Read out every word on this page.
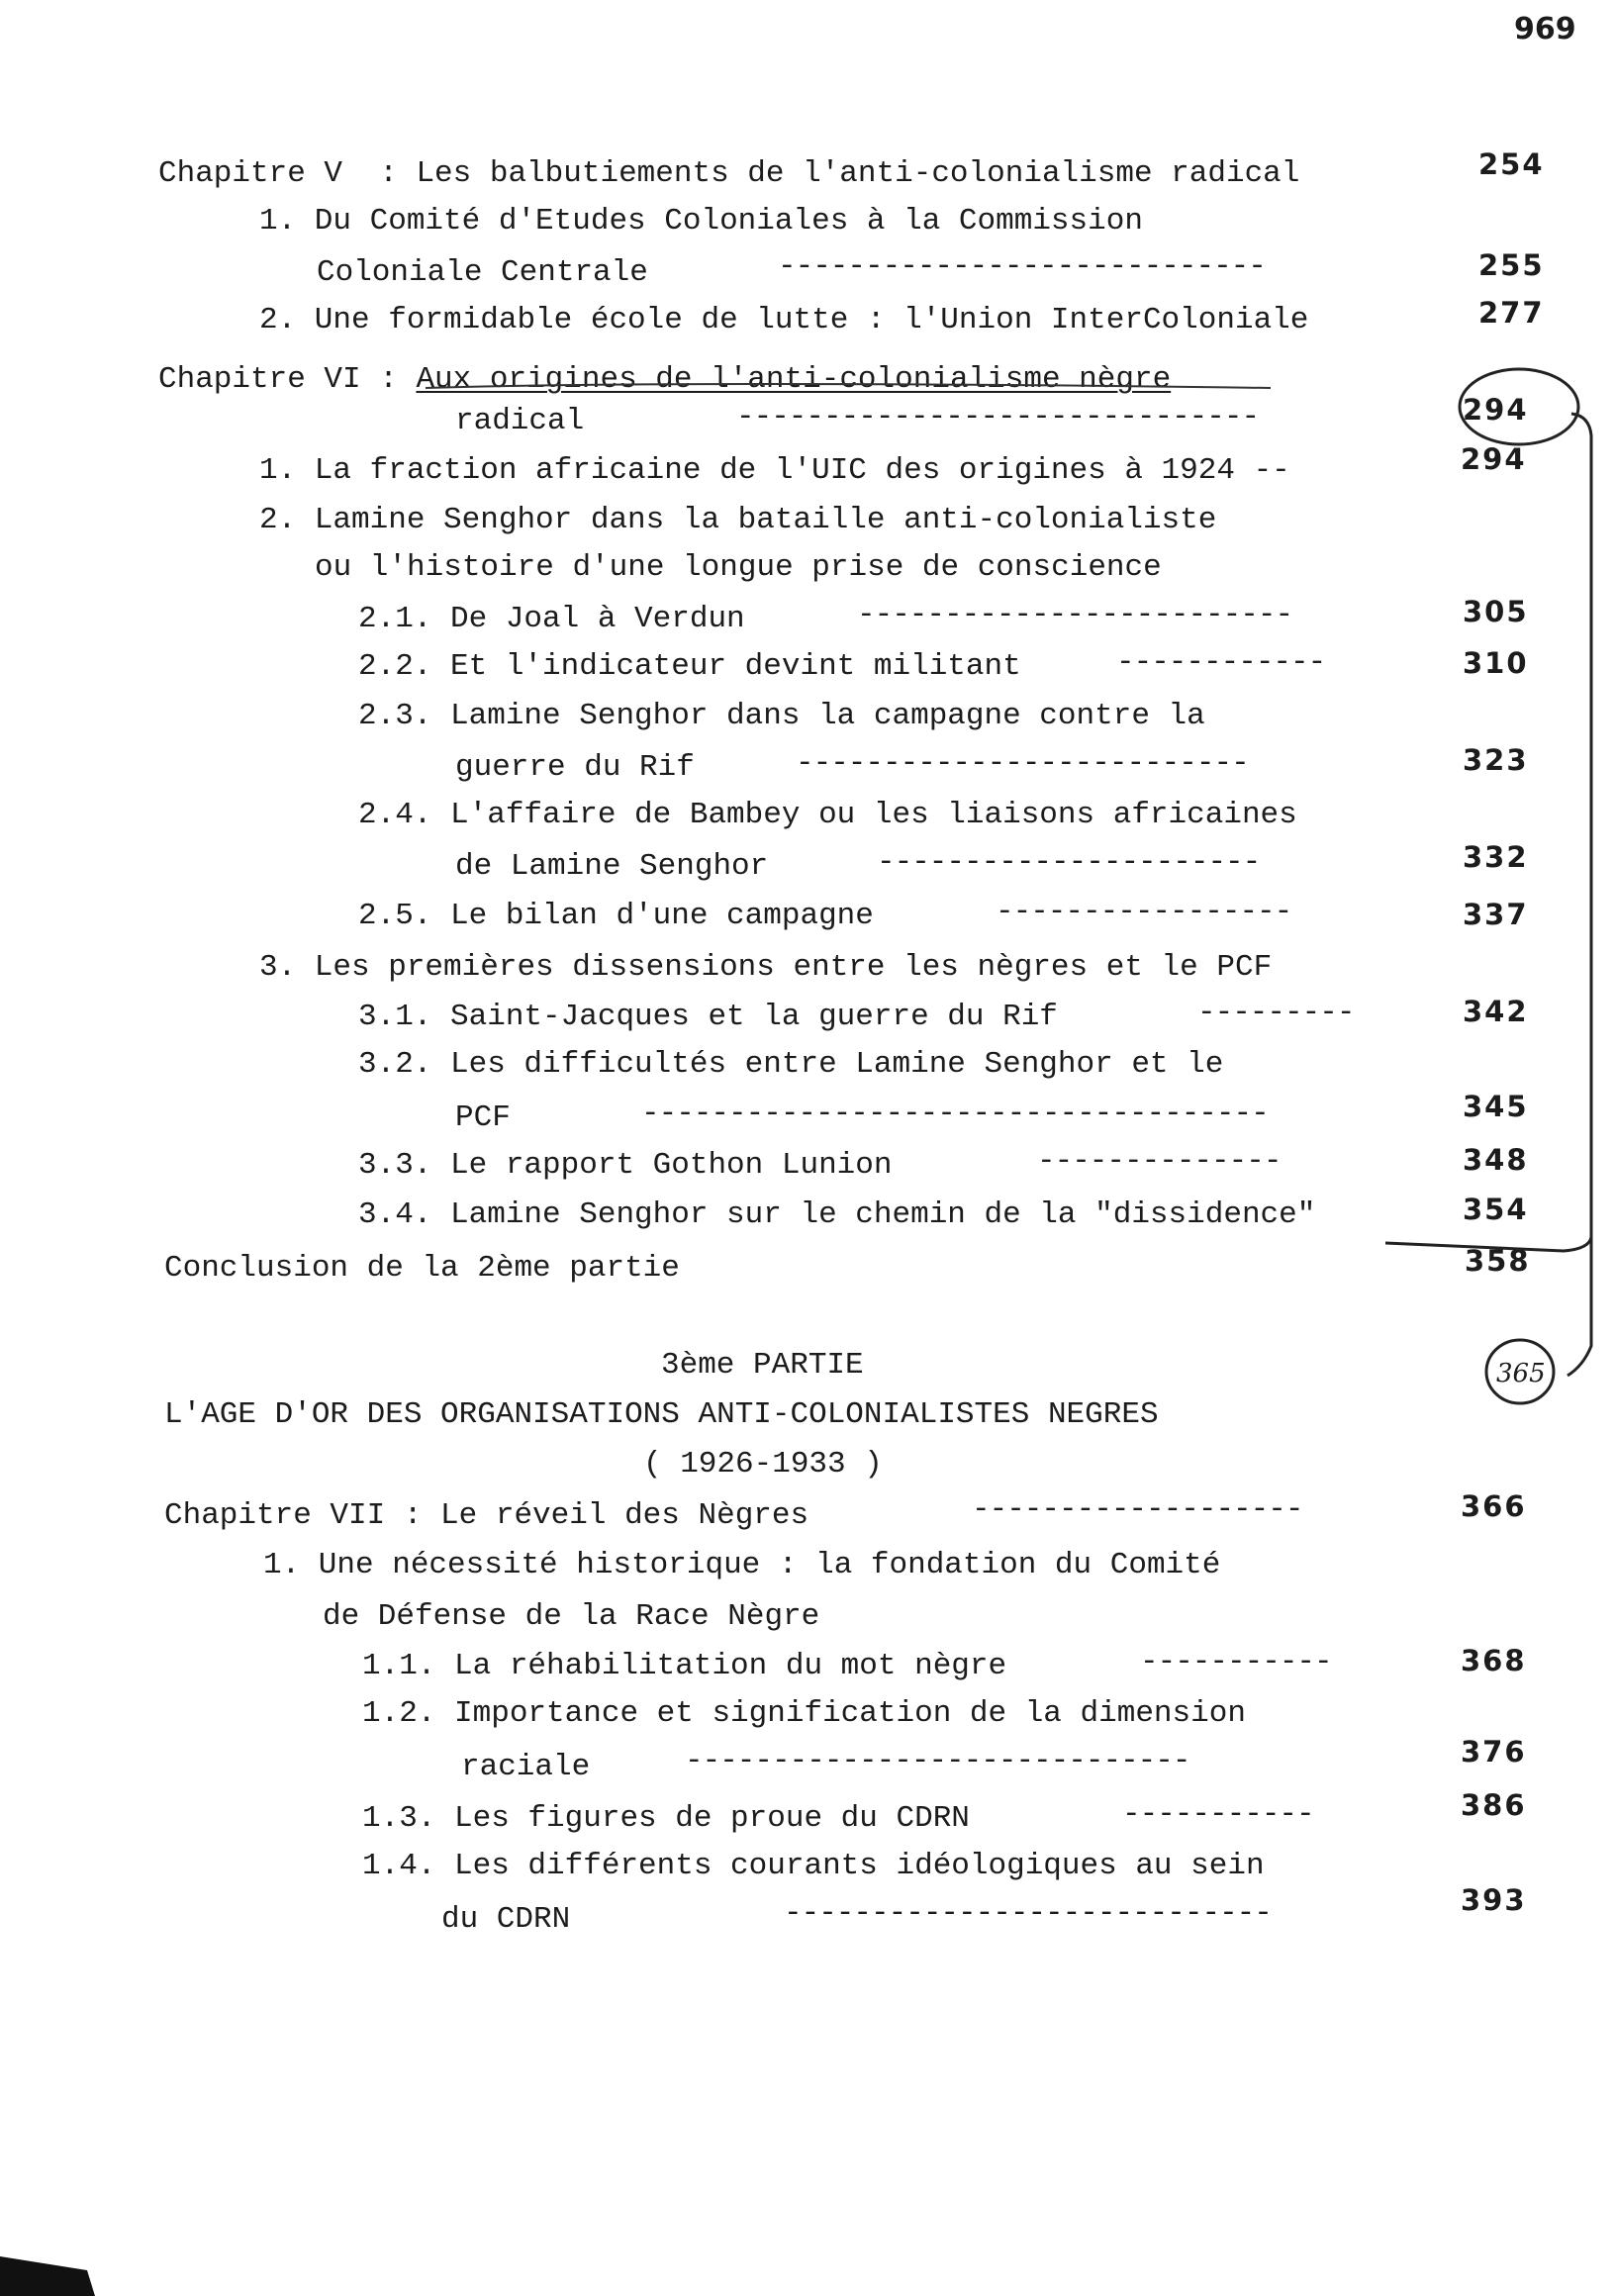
969
Chapitre V  : Les balbutiements de l'anti-colonialisme radical	254
1. Du Comité d'Etudes Coloniales à la Commission
Coloniale Centrale	----------------------------	255
2. Une formidable école de lutte : l'Union InterColoniale	277
Chapitre VI : Aux origines de l'anti-colonialisme nègre
radical	------------------------------	294
1. La fraction africaine de l'UIC des origines à 1924 --	294
2. Lamine Senghor dans la bataille anti-colonialiste
ou l'histoire d'une longue prise de conscience
2.1. De Joal à Verdun	-------------------------	305
2.2. Et l'indicateur devint militant	------------	310
2.3. Lamine Senghor dans la campagne contre la
guerre du Rif	--------------------------	323
2.4. L'affaire de Bambey ou les liaisons africaines
de Lamine Senghor	----------------------	332
2.5. Le bilan d'une campagne	-----------------	337
3. Les premières dissensions entre les nègres et le PCF
3.1. Saint-Jacques et la guerre du Rif	---------	342
3.2. Les difficultés entre Lamine Senghor et le
PCF	------------------------------------	345
3.3. Le rapport Gothon Lunion	--------------	348
3.4. Lamine Senghor sur le chemin de la "dissidence"	354
Conclusion de la 2ème partie	358
3ème PARTIE
L'AGE D'OR DES ORGANISATIONS ANTI-COLONIALISTES NEGRES
( 1926-1933 )
Chapitre VII : Le réveil des Nègres	-------------------	366
1. Une nécessité historique : la fondation du Comité
de Défense de la Race Nègre
1.1. La réhabilitation du mot nègre	-----------	368
1.2. Importance et signification de la dimension
raciale	-----------------------------	376
1.3. Les figures de proue du CDRN	-----------	386
1.4. Les différents courants idéologiques au sein
du CDRN	----------------------------	393
365
